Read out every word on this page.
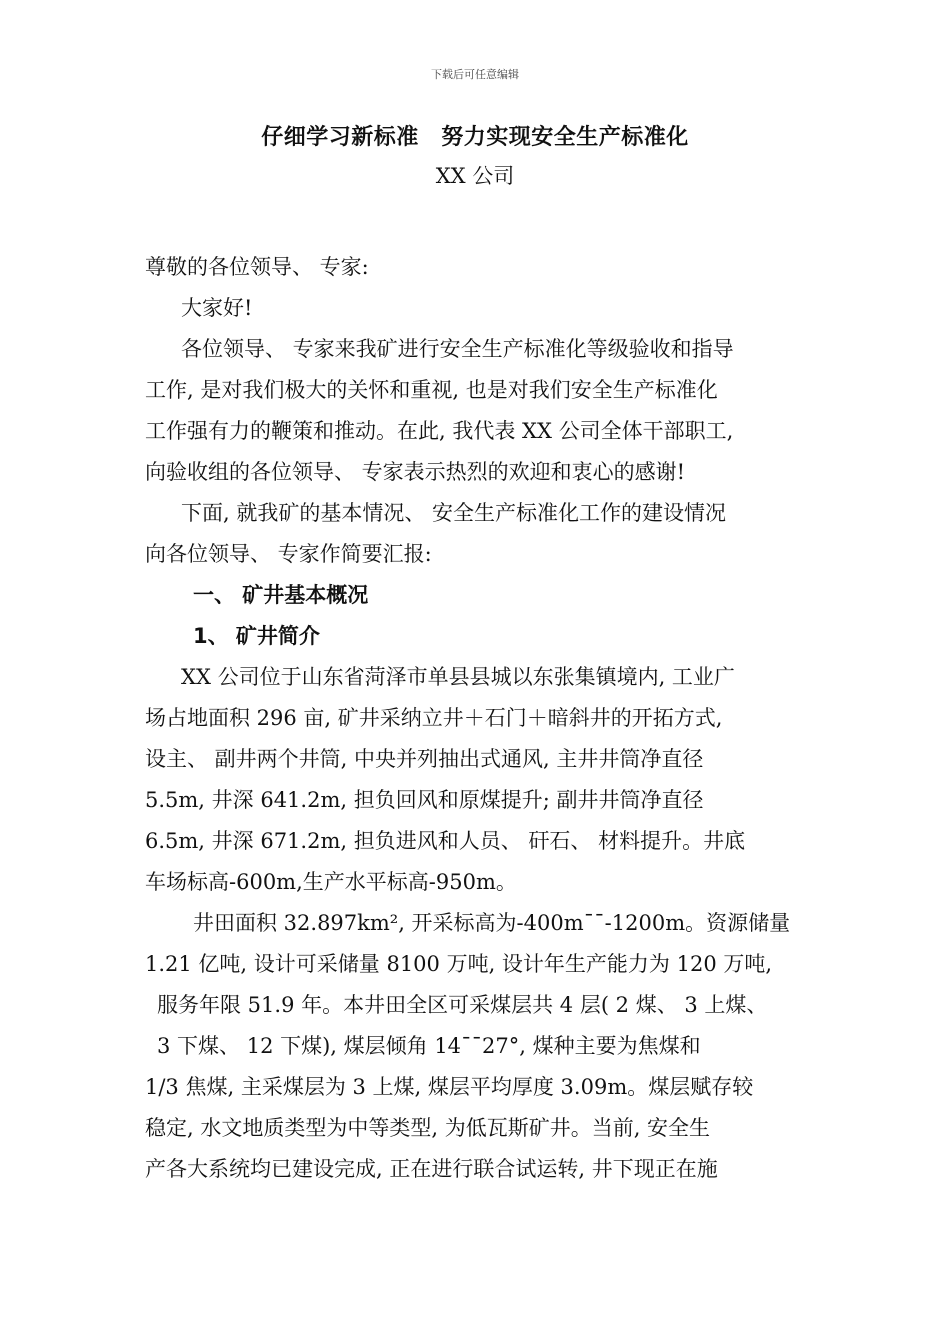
下载后可任意编辑
仔细学习新标准　努力实现安全生产标准化
XX 公司
尊敬的各位领导、 专家:
大家好!
各位领导、 专家来我矿进行安全生产标准化等级验收和指导
工作, 是对我们极大的关怀和重视, 也是对我们安全生产标准化
工作强有力的鞭策和推动。在此, 我代表 XX 公司全体干部职工,
向验收组的各位领导、 专家表示热烈的欢迎和衷心的感谢!
下面, 就我矿的基本情况、 安全生产标准化工作的建设情况
向各位领导、 专家作简要汇报:
一、 矿井基本概况
1、 矿井简介
XX 公司位于山东省菏泽市单县县城以东张集镇境内, 工业广
场占地面积 296 亩, 矿井采纳立井＋石门＋暗斜井的开拓方式,
设主、 副井两个井筒, 中央并列抽出式通风, 主井井筒净直径
5.5m, 井深 641.2m, 担负回风和原煤提升; 副井井筒净直径
6.5m, 井深 671.2m, 担负进风和人员、 矸石、 材料提升。井底
车场标高-600m,生产水平标高-950m。
井田面积 32.897km², 开采标高为-400m¯¯-1200m。资源储量
1.21 亿吨, 设计可采储量 8100 万吨, 设计年生产能力为 120 万吨,
服务年限 51.9 年。本井田全区可采煤层共 4 层( 2 煤、 3 上煤、
3 下煤、 12 下煤), 煤层倾角 14¯¯27°, 煤种主要为焦煤和
1/3 焦煤, 主采煤层为 3 上煤, 煤层平均厚度 3.09m。煤层赋存较
稳定, 水文地质类型为中等类型, 为低瓦斯矿井。当前, 安全生
产各大系统均已建设完成, 正在进行联合试运转, 井下现正在施
